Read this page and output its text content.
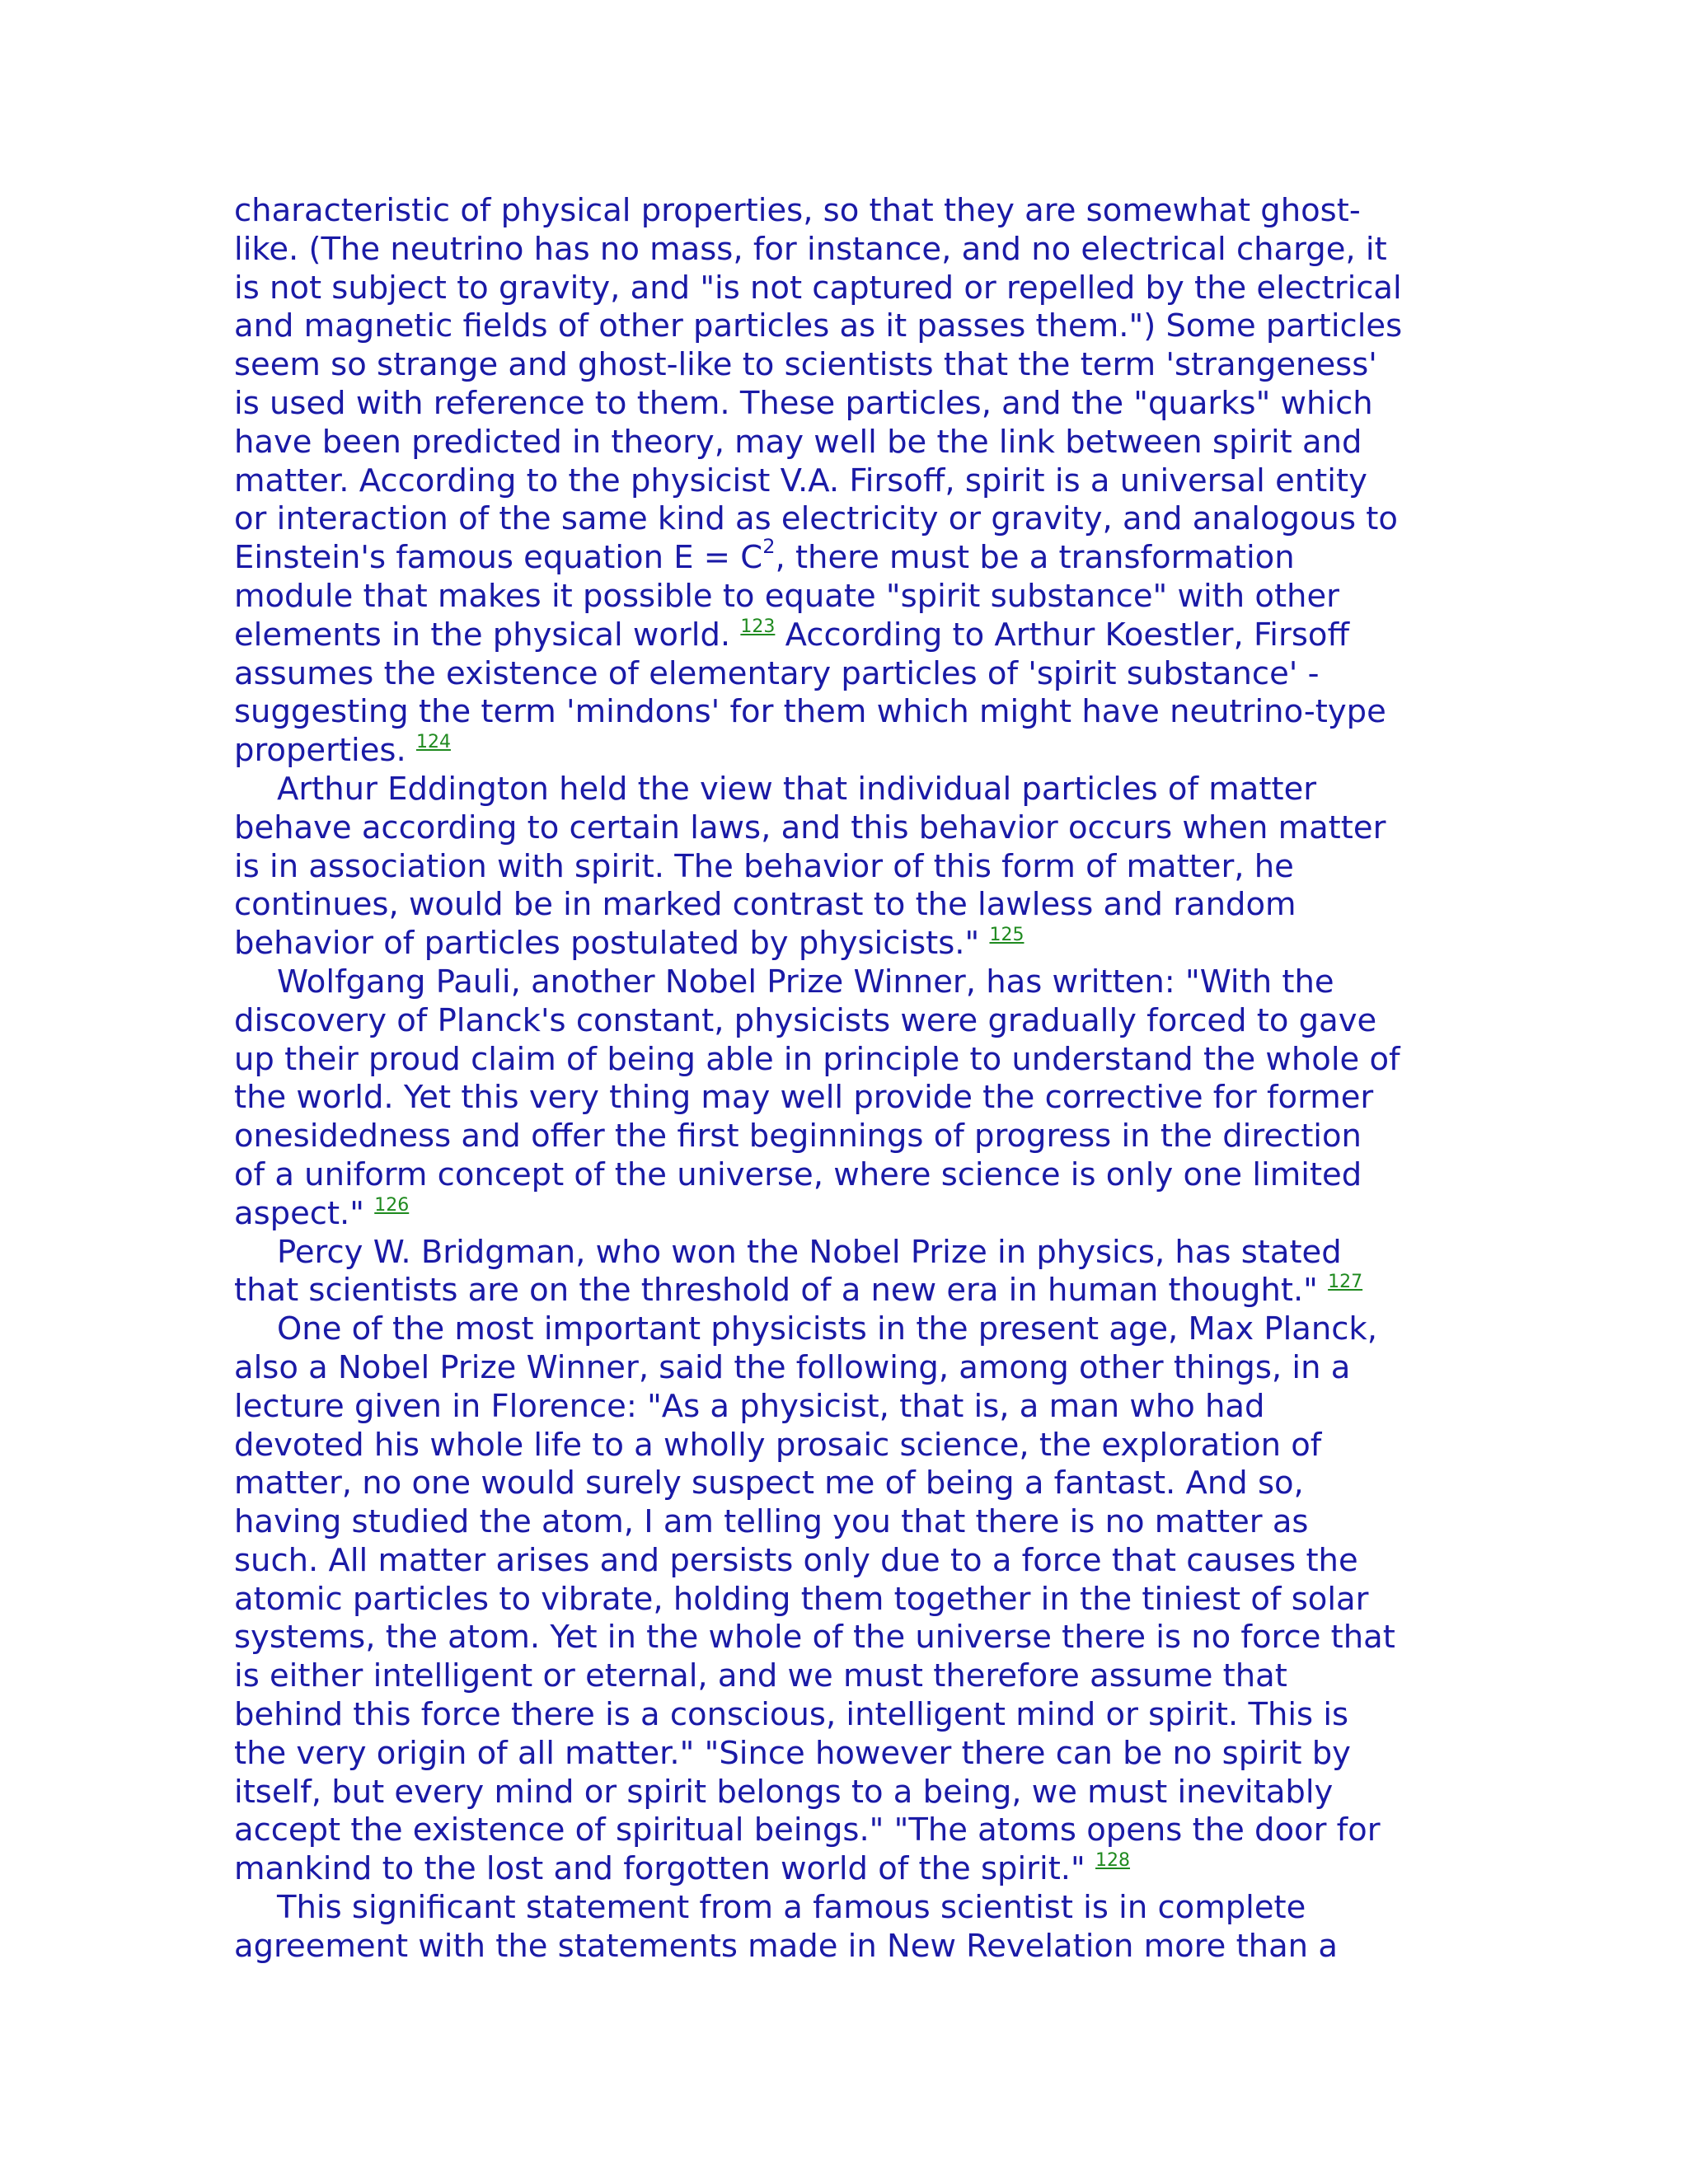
characteristic of physical properties, so that they are somewhat ghost-
like. (The neutrino has no mass, for instance, and no electrical charge, it
is not subject to gravity, and "is not captured or repelled by the electrical
and magnetic fields of other particles as it passes them.") Some particles
seem so strange and ghost-like to scientists that the term 'strangeness'
is used with reference to them. These particles, and the "quarks" which
have been predicted in theory, may well be the link between spirit and
matter. According to the physicist V.A. Firsoff, spirit is a universal entity
or interaction of the same kind as electricity or gravity, and analogous to
Einstein's famous equation $E = C^2$, there must be a transformation
module that makes it possible to equate "spirit substance" with other
elements in the physical world. $^{123}$ According to Arthur Koestler, Firsoff
assumes the existence of elementary particles of 'spirit substance' -
suggesting the term 'mindons' for them which might have neutrino-type
properties. $^{124}$

Arthur Eddington held the view that individual particles of matter
behave according to certain laws, and this behavior occurs when matter
is in association with spirit. The behavior of this form of matter, he
continues, would be in marked contrast to the lawless and random
behavior of particles postulated by physicists." $^{125}$

Wolfgang Pauli, another Nobel Prize Winner, has written: "With the
discovery of Planck's constant, physicists were gradually forced to gave
up their proud claim of being able in principle to understand the whole of
the world. Yet this very thing may well provide the corrective for former
onesidedness and offer the first beginnings of progress in the direction
of a uniform concept of the universe, where science is only one limited
aspect." $^{126}$

Percy W. Bridgman, who won the Nobel Prize in physics, has stated
that scientists are on the threshold of a new era in human thought." $^{127}$

One of the most important physicists in the present age, Max Planck,
also a Nobel Prize Winner, said the following, among other things, in a
lecture given in Florence: "As a physicist, that is, a man who had
devoted his whole life to a wholly prosaic science, the exploration of
matter, no one would surely suspect me of being a fantast. And so,
having studied the atom, I am telling you that there is no matter as
such. All matter arises and persists only due to a force that causes the
atomic particles to vibrate, holding them together in the tiniest of solar
systems, the atom. Yet in the whole of the universe there is no force that
is either intelligent or eternal, and we must therefore assume that
behind this force there is a conscious, intelligent mind or spirit. This is
the very origin of all matter." "Since however there can be no spirit by
itself, but every mind or spirit belongs to a being, we must inevitably
accept the existence of spiritual beings." "The atoms opens the door for
mankind to the lost and forgotten world of the spirit." $^{128}$

This significant statement from a famous scientist is in complete
agreement with the statements made in New Revelation more than a
